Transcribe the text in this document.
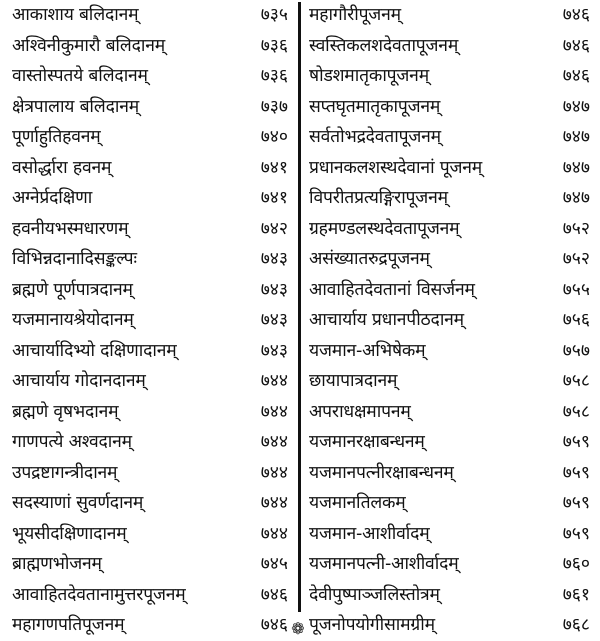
आकाशाय बलिदानम्	७३५
अश्विनीकुमारौ बलिदानम्	७३६
वास्तोस्पतये बलिदानम्	७३६
क्षेत्रपालाय बलिदानम्	७३७
पूर्णाहुतिहवनम्	७४०
वसोर्द्धारा हवनम्	७४१
अग्नेर्प्रदक्षिणा	७४१
हवनीयभस्मधारणम्	७४२
विभिन्नदानादिसङ्कल्पः	७४३
ब्रह्मणे पूर्णपात्रदानम्	७४३
यजमानायश्रेयोदानम्	७४३
आचार्यादिभ्यो दक्षिणादानम्	७४३
आचार्याय गोदानदानम्	७४४
ब्रह्मणे वृषभदानम्	७४४
गाणपत्ये अश्वदानम्	७४४
उपद्रष्टागन्त्रीदानम्	७४४
सदस्याणां सुवर्णदानम्	७४४
भूयसीदक्षिणादानम्	७४४
ब्राह्मणभोजनम्	७४५
आवाहितदेवतानामुत्तरपूजनम्	७४६
महागणपतिपूजनम्	७४६
महागौरीपूजनम्	७४६
स्वस्तिकलशदेवतापूजनम्	७४६
षोडशमातृकापूजनम्	७४६
सप्तघृतमातृकापूजनम्	७४७
सर्वतोभद्रदेवतापूजनम्	७४७
प्रधानकलशस्थदेवानां पूजनम्	७४७
विपरीतप्रत्यङ्गिरापूजनम्	७४७
ग्रहमण्डलस्थदेवतापूजनम्	७५२
असंख्यातरुद्रपूजनम्	७५२
आवाहितदेवतानां विसर्जनम्	७५५
आचार्याय प्रधानपीठदानम्	७५६
यजमान-अभिषेकम्	७५७
छायापात्रदानम्	७५८
अपराधक्षमापनम्	७५८
यजमानरक्षाबन्धनम्	७५९
यजमानपत्नीरक्षाबन्धनम्	७५९
यजमानतिलकम्	७५९
यजमान-आशीर्वादम्	७५९
यजमानपत्नी-आशीर्वादम्	७६०
देवीपुष्पाञ्जलिस्तोत्रम्	७६१
पूजनोपयोगीसामग्रीम्	७६८
❁
